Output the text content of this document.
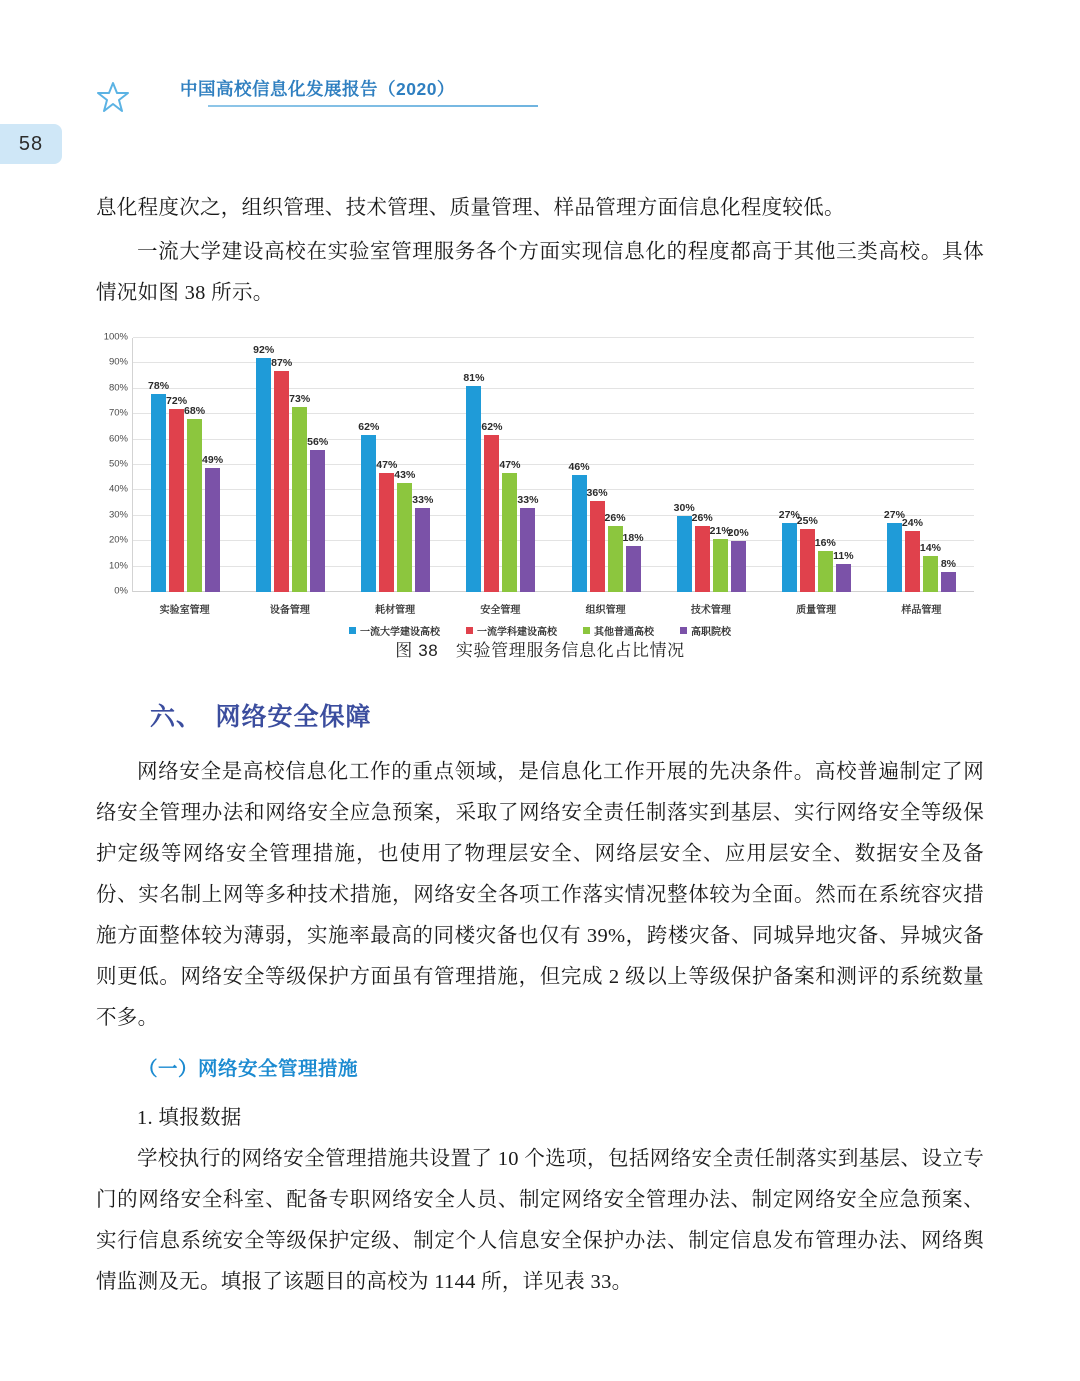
58
中国高校信息化发展报告（2020）
息化程度次之，组织管理、技术管理、质量管理、样品管理方面信息化程度较低。
一流大学建设高校在实验室管理服务各个方面实现信息化的程度都高于其他三类高校。具体情况如图 38 所示。
0%
10%
20%
30%
40%
50%
60%
70%
80%
90%
100%
78%
72%
68%
49%
92%
87%
73%
56%
62%
47%
43%
33%
81%
62%
47%
33%
46%
36%
26%
18%
30%
26%
21%
20%
27%
25%
16%
11%
27%
24%
14%
8%
实验室管理	设备管理	耗材管理	安全管理	组织管理	技术管理	质量管理	样品管理
一流大学建设高校	一流学科建设高校	其他普通高校	高职院校
图 38　实验管理服务信息化占比情况
六、　网络安全保障
网络安全是高校信息化工作的重点领域，是信息化工作开展的先决条件。高校普遍制定了网络安全管理办法和网络安全应急预案，采取了网络安全责任制落实到基层、实行网络安全等级保护定级等网络安全管理措施，也使用了物理层安全、网络层安全、应用层安全、数据安全及备份、实名制上网等多种技术措施，网络安全各项工作落实情况整体较为全面。然而在系统容灾措施方面整体较为薄弱，实施率最高的同楼灾备也仅有 39%，跨楼灾备、同城异地灾备、异城灾备则更低。网络安全等级保护方面虽有管理措施，但完成 2 级以上等级保护备案和测评的系统数量不多。
（一）网络安全管理措施
1. 填报数据
学校执行的网络安全管理措施共设置了 10 个选项，包括网络安全责任制落实到基层、设立专门的网络安全科室、配备专职网络安全人员、制定网络安全管理办法、制定网络安全应急预案、实行信息系统安全等级保护定级、制定个人信息安全保护办法、制定信息发布管理办法、网络舆情监测及无。填报了该题目的高校为 1144 所，详见表 33。
